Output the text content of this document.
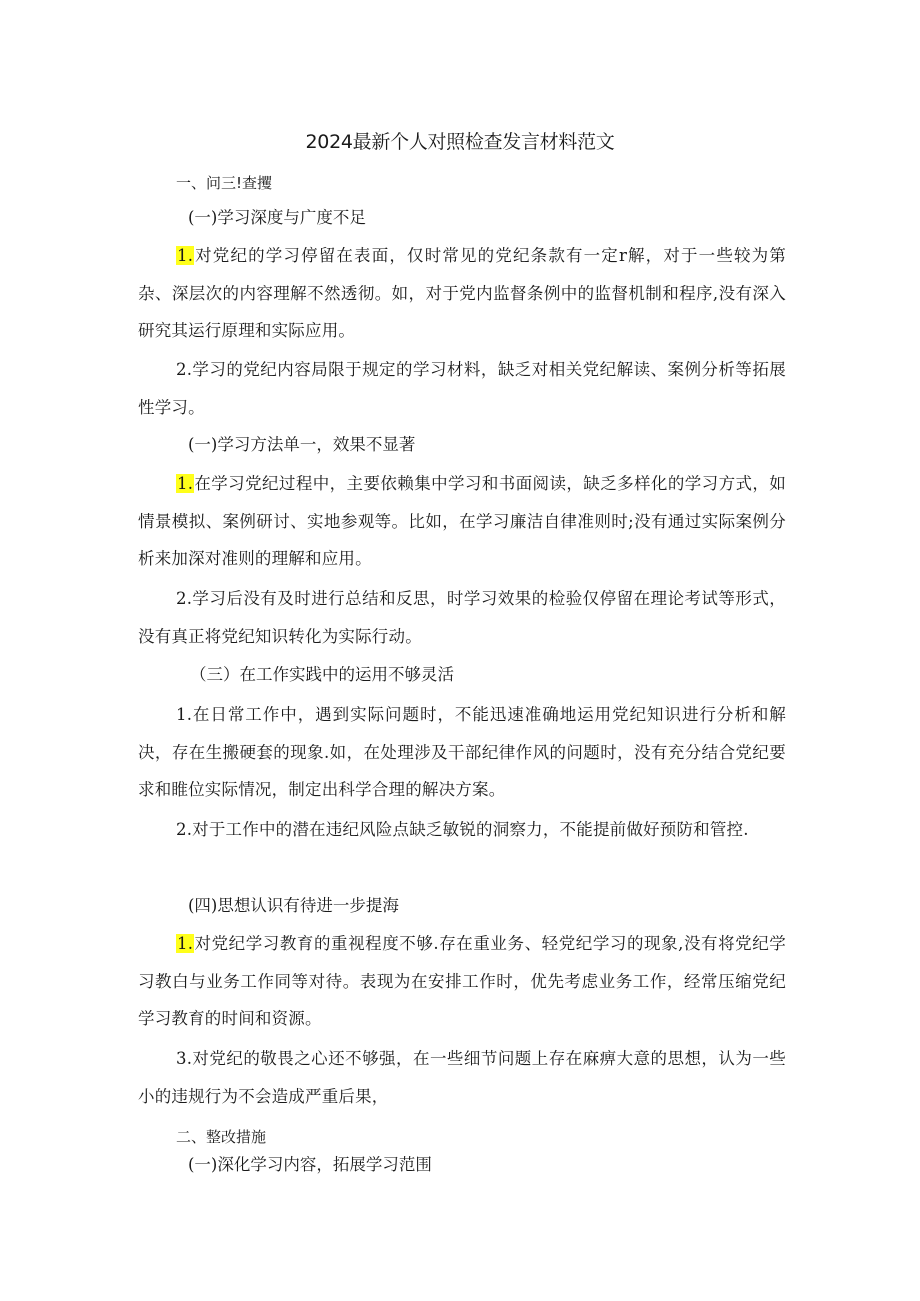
2024最新个人对照检查发言材料范文
一、问三!查攫
(一)学习深度与广度不足
1.对党纪的学习停留在表面，仅时常见的党纪条款有一定r解，对于一些较为第杂、深层次的内容理解不然透彻。如，对于党内监督条例中的监督机制和程序,没有深入研究其运行原理和实际应用。
2.学习的党纪内容局限于规定的学习材料，缺乏对相关党纪解读、案例分析等拓展性学习。
(一)学习方法单一，效果不显著
1.在学习党纪过程中，主要依赖集中学习和书面阅读，缺乏多样化的学习方式，如情景模拟、案例研讨、实地参观等。比如，在学习廉洁自律准则时;没有通过实际案例分析来加深对准则的理解和应用。
2.学习后没有及时进行总结和反思，时学习效果的检验仅停留在理论考试等形式，没有真正将党纪知识转化为实际行动。
（三）在工作实践中的运用不够灵活
1.在日常工作中，遇到实际问题时，不能迅速准确地运用党纪知识进行分析和解决，存在生搬硬套的现象.如，在处理涉及干部纪律作风的问题时，没有充分结合党纪要求和睢位实际情况，制定出科学合理的解决方案。
2.对于工作中的潜在违纪风险点缺乏敏锐的洞察力，不能提前做好预防和管控.
(四)思想认识有待进一步提海
1.对党纪学习教育的重视程度不够.存在重业务、轻党纪学习的现象,没有将党纪学习教白与业务工作同等对待。表现为在安排工作时，优先考虑业务工作，经常压缩党纪学习教育的时间和资源。
3.对党纪的敬畏之心还不够强，在一些细节问题上存在麻痹大意的思想，认为一些小的违规行为不会造成严重后果，
二、整改措施
(一)深化学习内容，拓展学习范围
